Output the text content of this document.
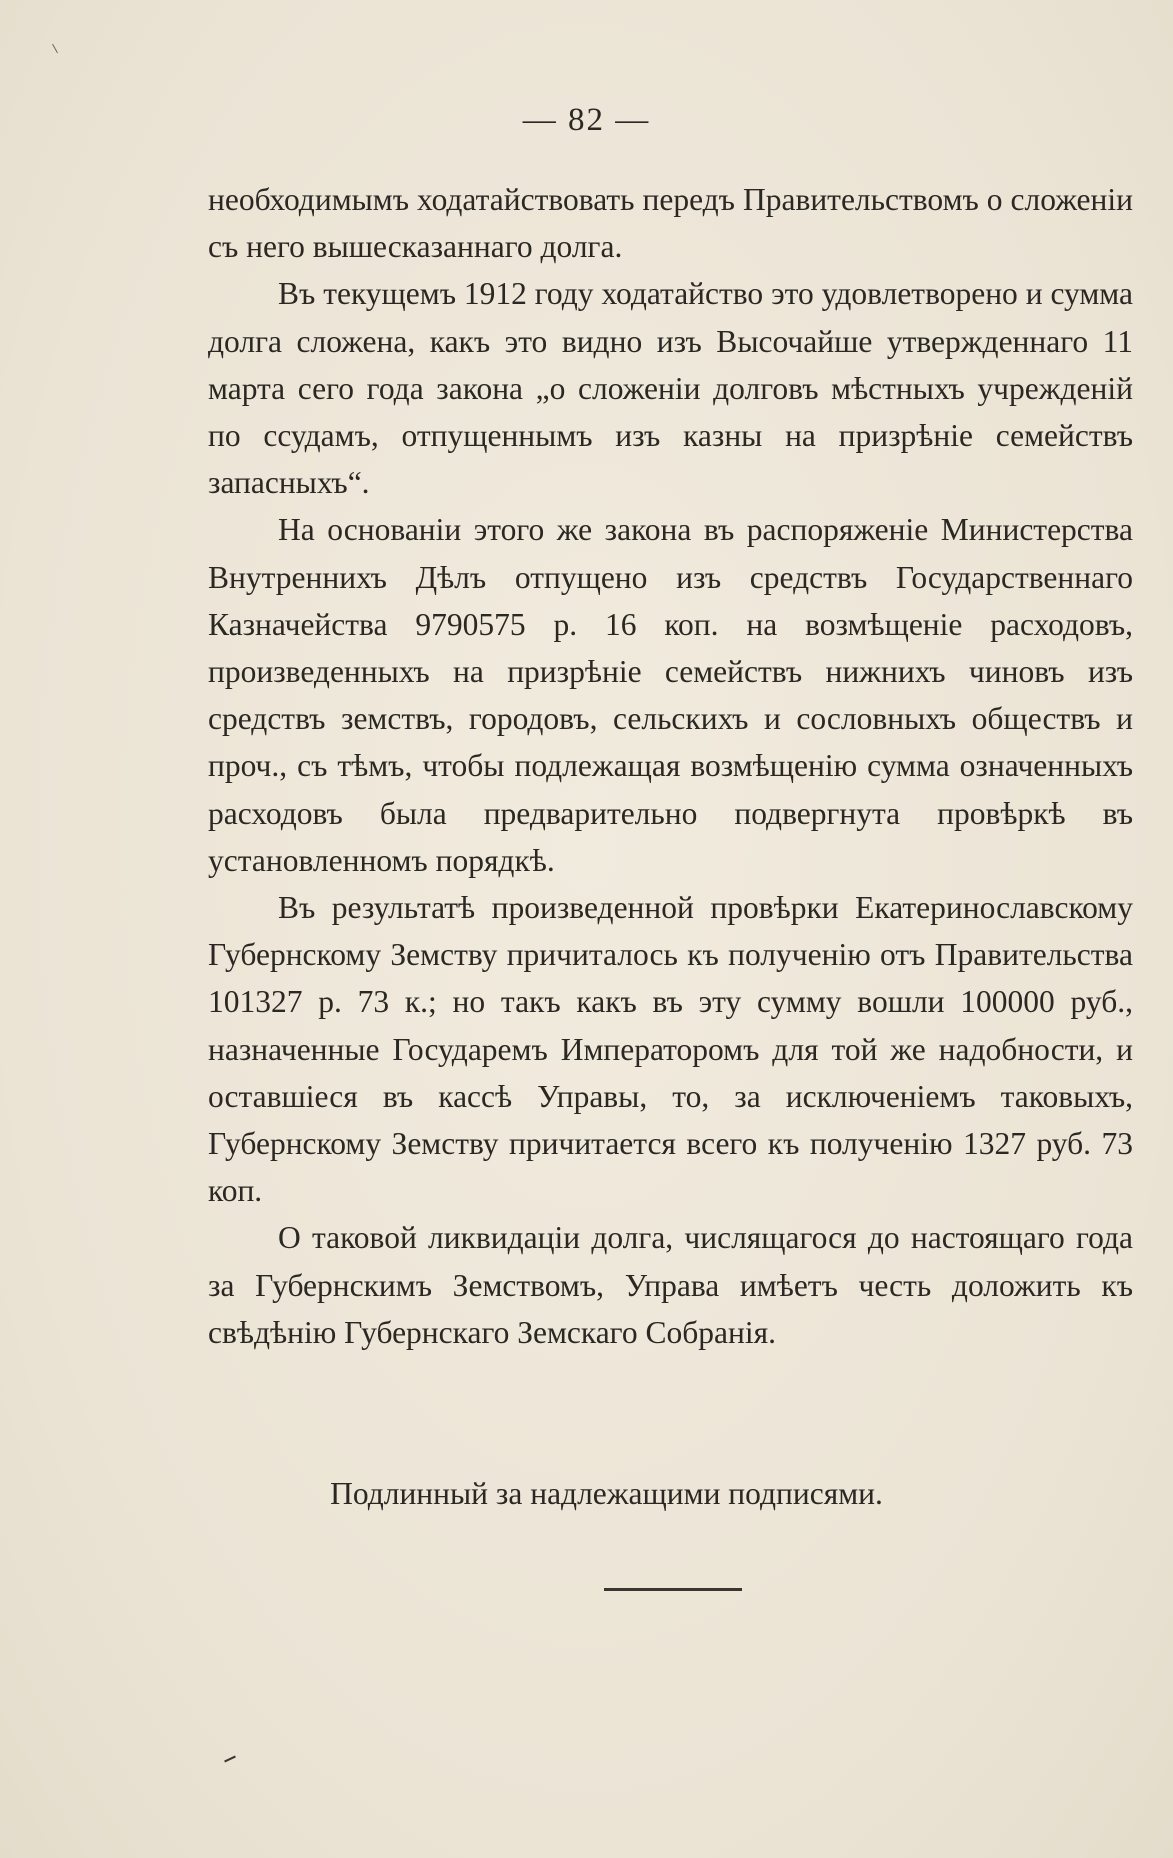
— 82 —

необходимымъ ходатайствовать передъ Правительствомъ о сложеніи съ него вышесказаннаго долга.

Въ текущемъ 1912 году ходатайство это удовлетворено и сумма долга сложена, какъ это видно изъ Высочайше утвержденнаго 11 марта сего года закона „о сложеніи долговъ мѣстныхъ учрежденій по ссудамъ, отпущеннымъ изъ казны на призрѣніе семействъ запасныхъ“.

На основаніи этого же закона въ распоряженіе Министерства Внутреннихъ Дѣлъ отпущено изъ средствъ Государственнаго Казначейства 9790575 р. 16 коп. на возмѣщеніе расходовъ, произведенныхъ на призрѣніе семействъ нижнихъ чиновъ изъ средствъ земствъ, городовъ, сельскихъ и сословныхъ обществъ и проч., съ тѣмъ, чтобы подлежащая возмѣщенію сумма означенныхъ расходовъ была предварительно подвергнута провѣркѣ въ установленномъ порядкѣ.

Въ результатѣ произведенной провѣрки Екатеринославскому Губернскому Земству причиталось къ полученію отъ Правительства 101327 р. 73 к.; но такъ какъ въ эту сумму вошли 100000 руб., назначенные Государемъ Императоромъ для той же надобности, и оставшіеся въ кассѣ Управы, то, за исключеніемъ таковыхъ, Губернскому Земству причитается всего къ полученію 1327 руб. 73 коп.

О таковой ликвидаціи долга, числящагося до настоящаго года за Губернскимъ Земствомъ, Управа имѣетъ честь доложить къ свѣдѣнію Губернскаго Земскаго Собранія.

Подлинный за надлежащими подписями.
